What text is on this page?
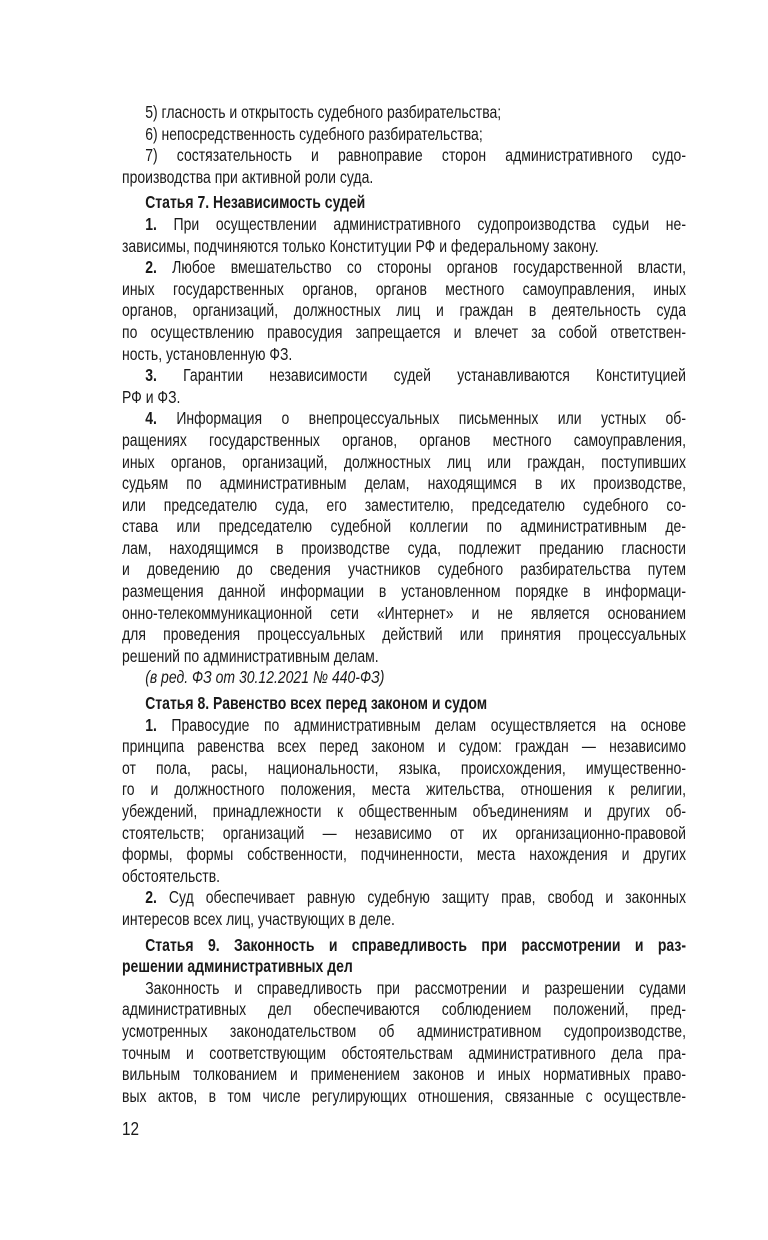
5) гласность и открытость судебного разбирательства;
6) непосредственность судебного разбирательства;
7) состязательность и равноправие сторон административного судо-
производства при активной роли суда.
Статья 7. Независимость судей
1. При осуществлении административного судопроизводства судьи не-
зависимы, подчиняются только Конституции РФ и федеральному закону.
2. Любое вмешательство со стороны органов государственной власти,
иных государственных органов, органов местного самоуправления, иных
органов, организаций, должностных лиц и граждан в деятельность суда
по осуществлению правосудия запрещается и влечет за собой ответствен-
ность, установленную ФЗ.
3. Гарантии независимости судей устанавливаются Конституцией
РФ и ФЗ.
4. Информация о внепроцессуальных письменных или устных об-
ращениях государственных органов, органов местного самоуправления,
иных органов, организаций, должностных лиц или граждан, поступивших
судьям по административным делам, находящимся в их производстве,
или председателю суда, его заместителю, председателю судебного со-
става или председателю судебной коллегии по административным де-
лам, находящимся в производстве суда, подлежит преданию гласности
и доведению до сведения участников судебного разбирательства путем
размещения данной информации в установленном порядке в информаци-
онно-телекоммуникационной сети «Интернет» и не является основанием
для проведения процессуальных действий или принятия процессуальных
решений по административным делам.
(в ред. ФЗ от 30.12.2021 № 440-ФЗ)
Статья 8. Равенство всех перед законом и судом
1. Правосудие по административным делам осуществляется на основе
принципа равенства всех перед законом и судом: граждан — независимо
от пола, расы, национальности, языка, происхождения, имущественно-
го и должностного положения, места жительства, отношения к религии,
убеждений, принадлежности к общественным объединениям и других об-
стоятельств; организаций — независимо от их организационно-правовой
формы, формы собственности, подчиненности, места нахождения и других
обстоятельств.
2. Суд обеспечивает равную судебную защиту прав, свобод и законных
интересов всех лиц, участвующих в деле.
Статья 9. Законность и справедливость при рассмотрении и раз-
решении административных дел
Законность и справедливость при рассмотрении и разрешении судами
административных дел обеспечиваются соблюдением положений, пред-
усмотренных законодательством об административном судопроизводстве,
точным и соответствующим обстоятельствам административного дела пра-
вильным толкованием и применением законов и иных нормативных право-
вых актов, в том числе регулирующих отношения, связанные с осуществле-
12
